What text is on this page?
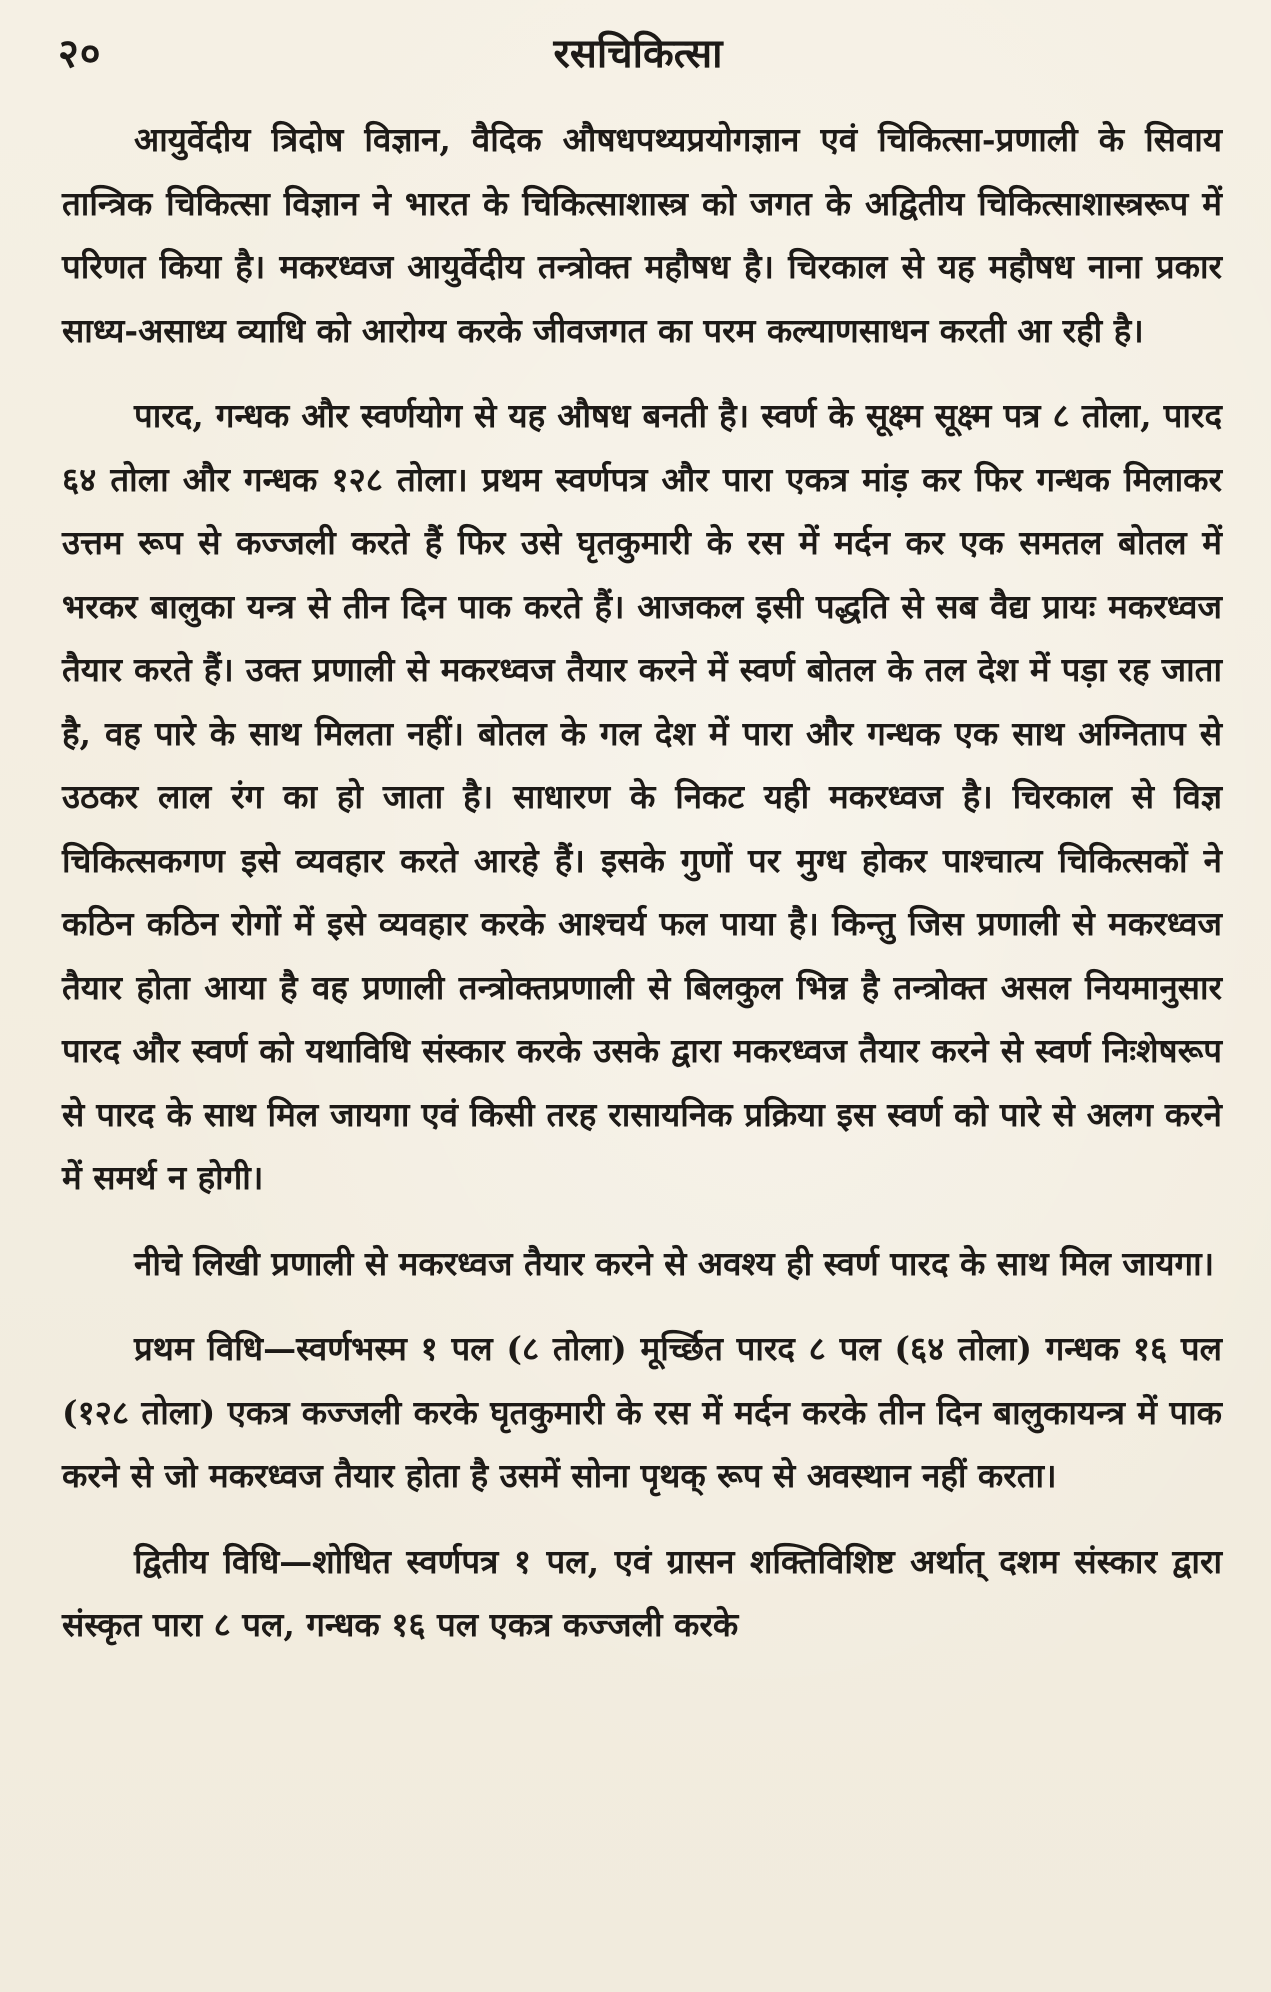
२०	रसचिकित्सा

आयुर्वेदीय त्रिदोष विज्ञान, वैदिक औषधपथ्यप्रयोगज्ञान एवं चिकित्सा-प्रणाली के सिवाय तान्त्रिक चिकित्सा विज्ञान ने भारत के चिकित्साशास्त्र को जगत के अद्वितीय चिकित्साशास्त्ररूप में परिणत किया है। मकरध्वज आयुर्वेदीय तन्त्रोक्त महौषध है। चिरकाल से यह महौषध नाना प्रकार साध्य-असाध्य व्याधि को आरोग्य करके जीवजगत का परम कल्याणसाधन करती आ रही है।

पारद, गन्धक और स्वर्णयोग से यह औषध बनती है। स्वर्ण के सूक्ष्म सूक्ष्म पत्र ८ तोला, पारद ६४ तोला और गन्धक १२८ तोला। प्रथम स्वर्णपत्र और पारा एकत्र मांड़ कर फिर गन्धक मिलाकर उत्तम रूप से कज्जली करते हैं फिर उसे घृतकुमारी के रस में मर्दन कर एक समतल बोतल में भरकर बालुका यन्त्र से तीन दिन पाक करते हैं। आजकल इसी पद्धति से सब वैद्य प्रायः मकरध्वज तैयार करते हैं। उक्त प्रणाली से मकरध्वज तैयार करने में स्वर्ण बोतल के तल देश में पड़ा रह जाता है, वह पारे के साथ मिलता नहीं। बोतल के गल देश में पारा और गन्धक एक साथ अग्निताप से उठकर लाल रंग का हो जाता है। साधारण के निकट यही मकरध्वज है। चिरकाल से विज्ञ चिकित्सकगण इसे व्यवहार करते आरहे हैं। इसके गुणों पर मुग्ध होकर पाश्चात्य चिकित्सकों ने कठिन कठिन रोगों में इसे व्यवहार करके आश्चर्य फल पाया है। किन्तु जिस प्रणाली से मकरध्वज तैयार होता आया है वह प्रणाली तन्त्रोक्तप्रणाली से बिलकुल भिन्न है तन्त्रोक्त असल नियमानुसार पारद और स्वर्ण को यथाविधि संस्कार करके उसके द्वारा मकरध्वज तैयार करने से स्वर्ण निःशेषरूप से पारद के साथ मिल जायगा एवं किसी तरह रासायनिक प्रक्रिया इस स्वर्ण को पारे से अलग करने में समर्थ न होगी।

नीचे लिखी प्रणाली से मकरध्वज तैयार करने से अवश्य ही स्वर्ण पारद के साथ मिल जायगा।

प्रथम विधि—स्वर्णभस्म १ पल (८ तोला) मूर्च्छित पारद ८ पल (६४ तोला) गन्धक १६ पल (१२८ तोला) एकत्र कज्जली करके घृतकुमारी के रस में मर्दन करके तीन दिन बालुकायन्त्र में पाक करने से जो मकरध्वज तैयार होता है उसमें सोना पृथक् रूप से अवस्थान नहीं करता।

द्वितीय विधि—शोधित स्वर्णपत्र १ पल, एवं ग्रासन शक्तिविशिष्ट अर्थात् दशम संस्कार द्वारा संस्कृत पारा ८ पल, गन्धक १६ पल एकत्र कज्जली करके
